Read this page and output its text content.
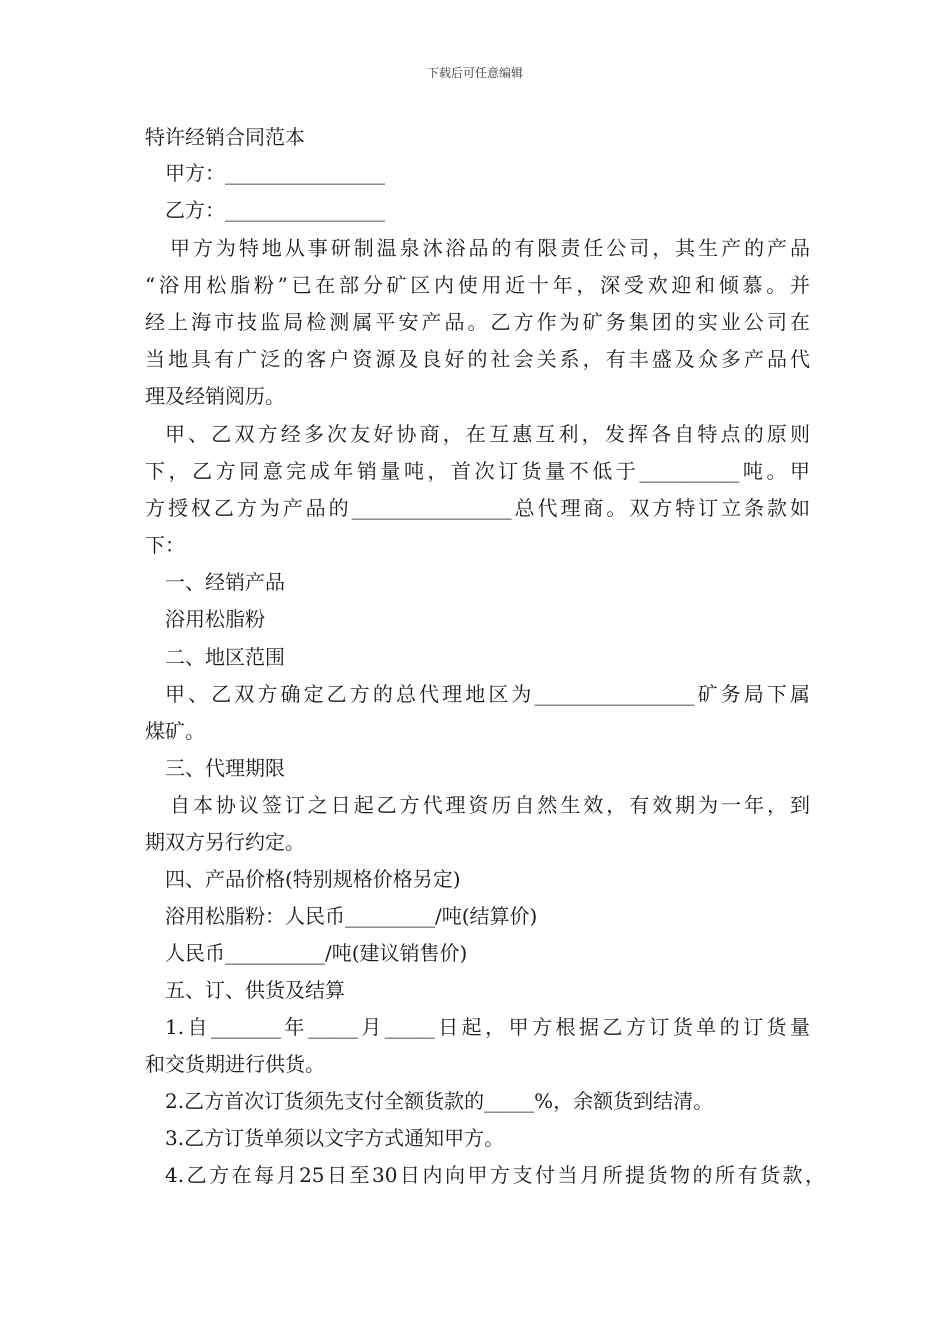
下载后可任意编辑
特许经销合同范本
甲方：________________
乙方：________________
甲方为特地从事研制温泉沐浴品的有限责任公司，其生产的产品
“浴用松脂粉”已在部分矿区内使用近十年，深受欢迎和倾慕。并
经上海市技监局检测属平安产品。乙方作为矿务集团的实业公司在
当地具有广泛的客户资源及良好的社会关系，有丰盛及众多产品代
理及经销阅历。
甲、乙双方经多次友好协商，在互惠互利，发挥各自特点的原则
下，乙方同意完成年销量吨，首次订货量不低于__________吨。甲
方授权乙方为产品的________________总代理商。双方特订立条款如
下：
一、经销产品
浴用松脂粉
二、地区范围
甲、乙双方确定乙方的总代理地区为________________矿务局下属
煤矿。
三、代理期限
自本协议签订之日起乙方代理资历自然生效，有效期为一年，到
期双方另行约定。
四、产品价格(特别规格价格另定)
浴用松脂粉：人民币_________/吨(结算价)
人民币__________/吨(建议销售价)
五、订、供货及结算
1.自_______年_____月_____日起，甲方根据乙方订货单的订货量
和交货期进行供货。
2.乙方首次订货须先支付全额货款的_____%，余额货到结清。
3.乙方订货单须以文字方式通知甲方。
4.乙方在每月25日至30日内向甲方支付当月所提货物的所有货款，
